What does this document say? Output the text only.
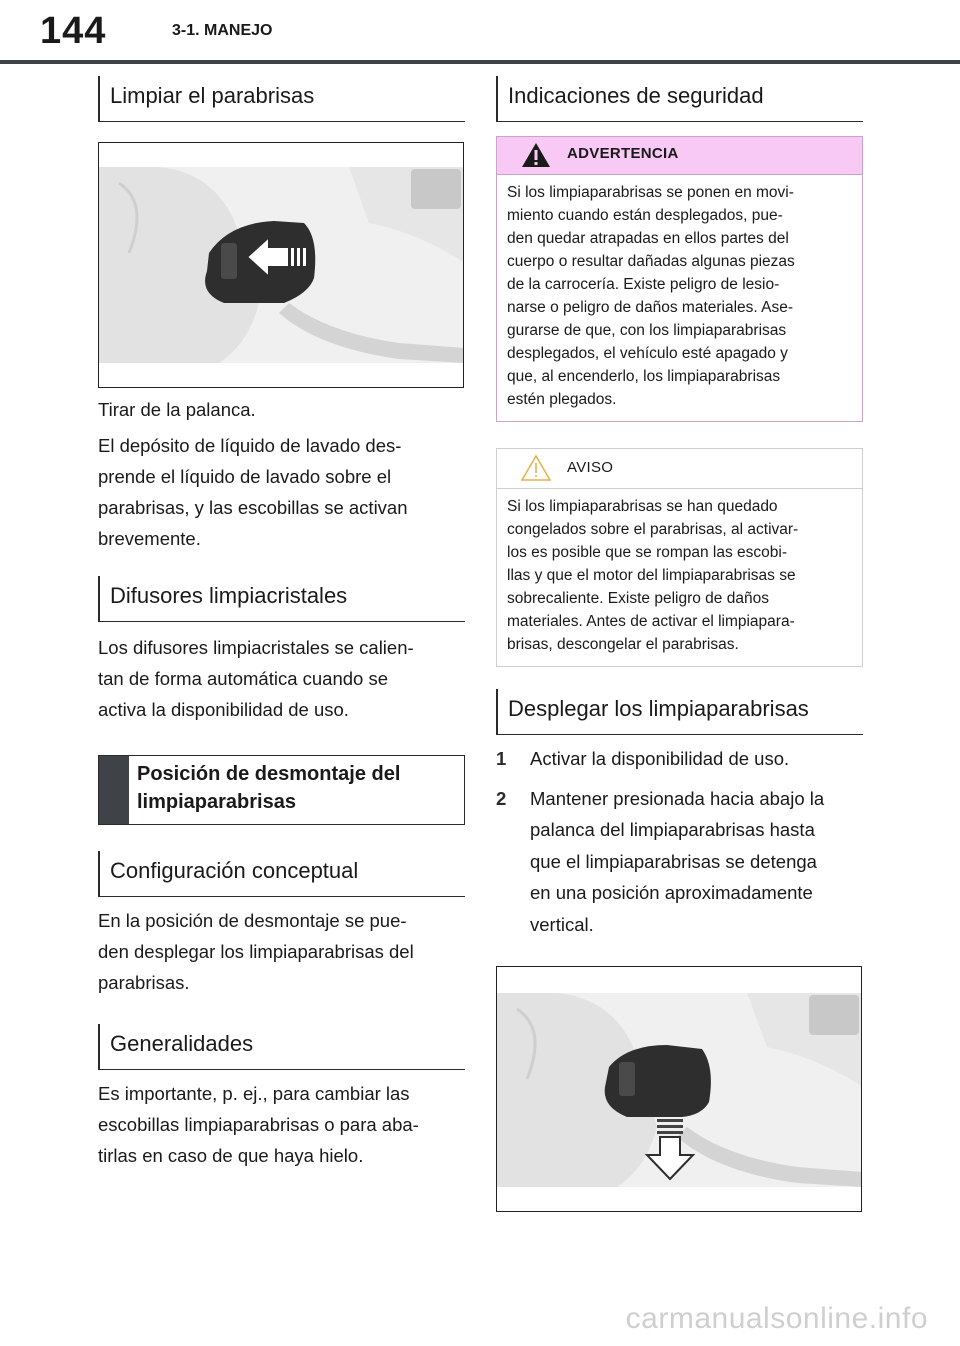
144	3-1. MANEJO
Limpiar el parabrisas
Tirar de la palanca.
El depósito de líquido de lavado des-
prende el líquido de lavado sobre el
parabrisas, y las escobillas se activan
brevemente.
Difusores limpiacristales
Los difusores limpiacristales se calien-
tan de forma automática cuando se
activa la disponibilidad de uso.
Posición de desmontaje del
limpiaparabrisas
Configuración conceptual
En la posición de desmontaje se pue-
den desplegar los limpiaparabrisas del
parabrisas.
Generalidades
Es importante, p. ej., para cambiar las
escobillas limpiaparabrisas o para aba-
tirlas en caso de que haya hielo.
Indicaciones de seguridad
ADVERTENCIA
Si los limpiaparabrisas se ponen en movi-
miento cuando están desplegados, pue-
den quedar atrapadas en ellos partes del
cuerpo o resultar dañadas algunas piezas
de la carrocería. Existe peligro de lesio-
narse o peligro de daños materiales. Ase-
gurarse de que, con los limpiaparabrisas
desplegados, el vehículo esté apagado y
que, al encenderlo, los limpiaparabrisas
estén plegados.
AVISO
Si los limpiaparabrisas se han quedado
congelados sobre el parabrisas, al activar-
los es posible que se rompan las escobi-
llas y que el motor del limpiaparabrisas se
sobrecaliente. Existe peligro de daños
materiales. Antes de activar el limpiapara-
brisas, descongelar el parabrisas.
Desplegar los limpiaparabrisas
1	Activar la disponibilidad de uso.
2	Mantener presionada hacia abajo la
palanca del limpiaparabrisas hasta
que el limpiaparabrisas se detenga
en una posición aproximadamente
vertical.
carmanualsonline.info
